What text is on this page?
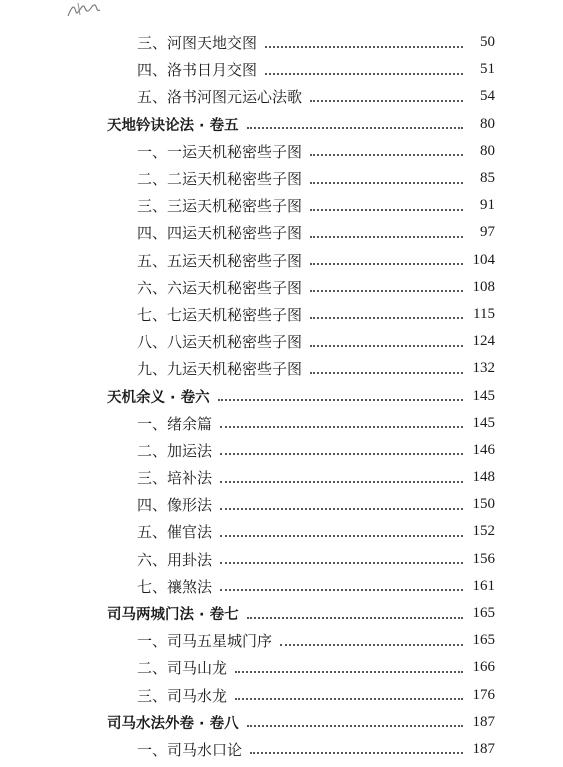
三、河图天地交图	50
四、洛书日月交图	51
五、洛书河图元运心法歌	54
天地钤诀论法 · 卷五	80
一、一运天机秘密些子图	80
二、二运天机秘密些子图	85
三、三运天机秘密些子图	91
四、四运天机秘密些子图	97
五、五运天机秘密些子图	104
六、六运天机秘密些子图	108
七、七运天机秘密些子图	115
八、八运天机秘密些子图	124
九、九运天机秘密些子图	132
天机余义 · 卷六	145
一、绪余篇	145
二、加运法	146
三、培补法	148
四、像形法	150
五、催官法	152
六、用卦法	156
七、禳煞法	161
司马两城门法 · 卷七	165
一、司马五星城门序	165
二、司马山龙	166
三、司马水龙	176
司马水法外卷 · 卷八	187
一、司马水口论	187
